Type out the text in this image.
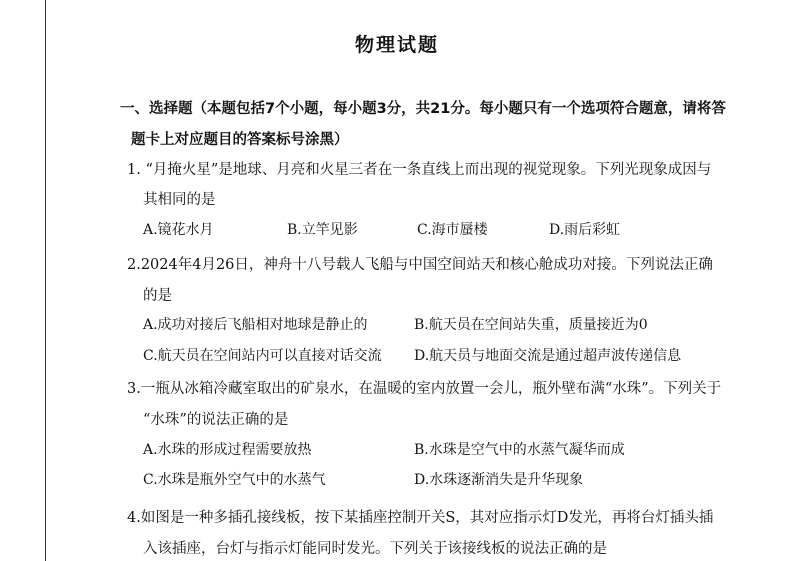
物理试题
一、选择题（本题包括7个小题，每小题3分，共21分。每小题只有一个选项符合题意，请将答
题卡上对应题目的答案标号涂黑）
1. “月掩火星”是地球、月亮和火星三者在一条直线上而出现的视觉现象。下列光现象成因与
其相同的是
A.镜花水月	B.立竿见影	C.海市蜃楼	D.雨后彩虹
2.2024年4月26日，神舟十八号载人飞船与中国空间站天和核心舱成功对接。下列说法正确
的是
A.成功对接后飞船相对地球是静止的	B.航天员在空间站失重，质量接近为0
C.航天员在空间站内可以直接对话交流 D.航天员与地面交流是通过超声波传递信息
3.一瓶从冰箱冷藏室取出的矿泉水，在温暖的室内放置一会儿，瓶外壁布满“水珠”。下列关于
“水珠”的说法正确的是
A.水珠的形成过程需要放热	B.水珠是空气中的水蒸气凝华而成
C.水珠是瓶外空气中的水蒸气	D.水珠逐渐消失是升华现象
4.如图是一种多插孔接线板，按下某插座控制开关S，其对应指示灯D发光，再将台灯插头插
入该插座，台灯与指示灯能同时发光。下列关于该接线板的说法正确的是
